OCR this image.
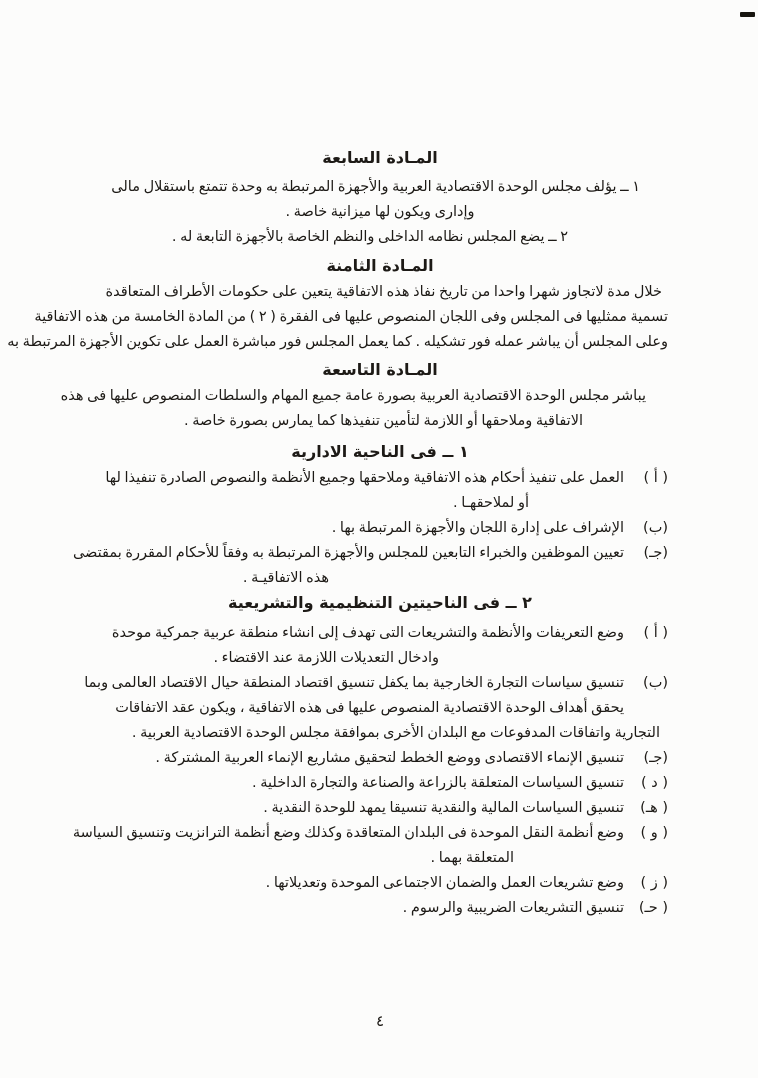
المـادة السابعة
١ ــ يؤلف مجلس الوحدة الاقتصادية العربية والأجهزة المرتبطة به وحدة تتمتع باستقلال مالى
وإدارى ويكون لها ميزانية خاصة .
٢ ــ يضع المجلس نظامه الداخلى والنظم الخاصة بالأجهزة التابعة له .
المـادة الثامنة
خلال مدة لاتجاوز شهرا واحدا من تاريخ نفاذ هذه الاتفاقية يتعين على حكومات الأطراف المتعاقدة
تسمية ممثليها فى المجلس وفى اللجان المنصوص عليها فى الفقرة ( ٢ ) من المادة الخامسة من هذه الاتفاقية
وعلى المجلس أن يباشر عمله فور تشكيله . كما يعمل المجلس فور مباشرة العمل على تكوين الأجهزة المرتبطة به
المـادة التاسعة
يباشر مجلس الوحدة الاقتصادية العربية بصورة عامة جميع المهام والسلطات المنصوص عليها فى هذه
الاتفاقية وملاحقها أو اللازمة لتأمين تنفيذها كما يمارس بصورة خاصة .
١ ــ فى الناحية الادارية
( أ )
العمل على تنفيذ أحكام هذه الاتفاقية وملاحقها وجميع الأنظمة والنصوص الصادرة تنفيذا لها
أو لملاحقهـا .
(ب)
الإشراف على إدارة اللجان والأجهزة المرتبطة بها .
(جـ)
تعيين الموظفين والخبراء التابعين للمجلس والأجهزة المرتبطة به وفقاً للأحكام المقررة بمقتضى
هذه الاتفاقيـة .
٢ ــ فى الناحيتين التنظيمية والتشريعية
( أ )
وضع التعريفات والأنظمة والتشريعات التى تهدف إلى انشاء منطقة عربية جمركية موحدة
وادخال التعديلات اللازمة عند الاقتضاء .
(ب)
تنسيق سياسات التجارة الخارجية بما يكفل تنسيق اقتصاد المنطقة حيال الاقتصاد العالمى وبما
يحقق أهداف الوحدة الاقتصادية المنصوص عليها فى هذه الاتفاقية ، ويكون عقد الاتفاقات
التجارية واتفاقات المدفوعات مع البلدان الأخرى بموافقة مجلس الوحدة الاقتصادية العربية .
(جـ)
تنسيق الإنماء الاقتصادى ووضع الخطط لتحقيق مشاريع الإنماء العربية المشتركة .
( د )
تنسيق السياسات المتعلقة بالزراعة والصناعة والتجارة الداخلية .
( هـ)
تنسيق السياسات المالية والنقدية تنسيقا يمهد للوحدة النقدية .
( و )
وضع أنظمة النقل الموحدة فى البلدان المتعاقدة وكذلك وضع أنظمة الترانزيت وتنسيق السياسة
المتعلقة بهما .
( ز )
وضع تشريعات العمل والضمان الاجتماعى الموحدة وتعديلاتها .
( حـ)
تنسيق التشريعات الضريبية والرسوم .
٤
